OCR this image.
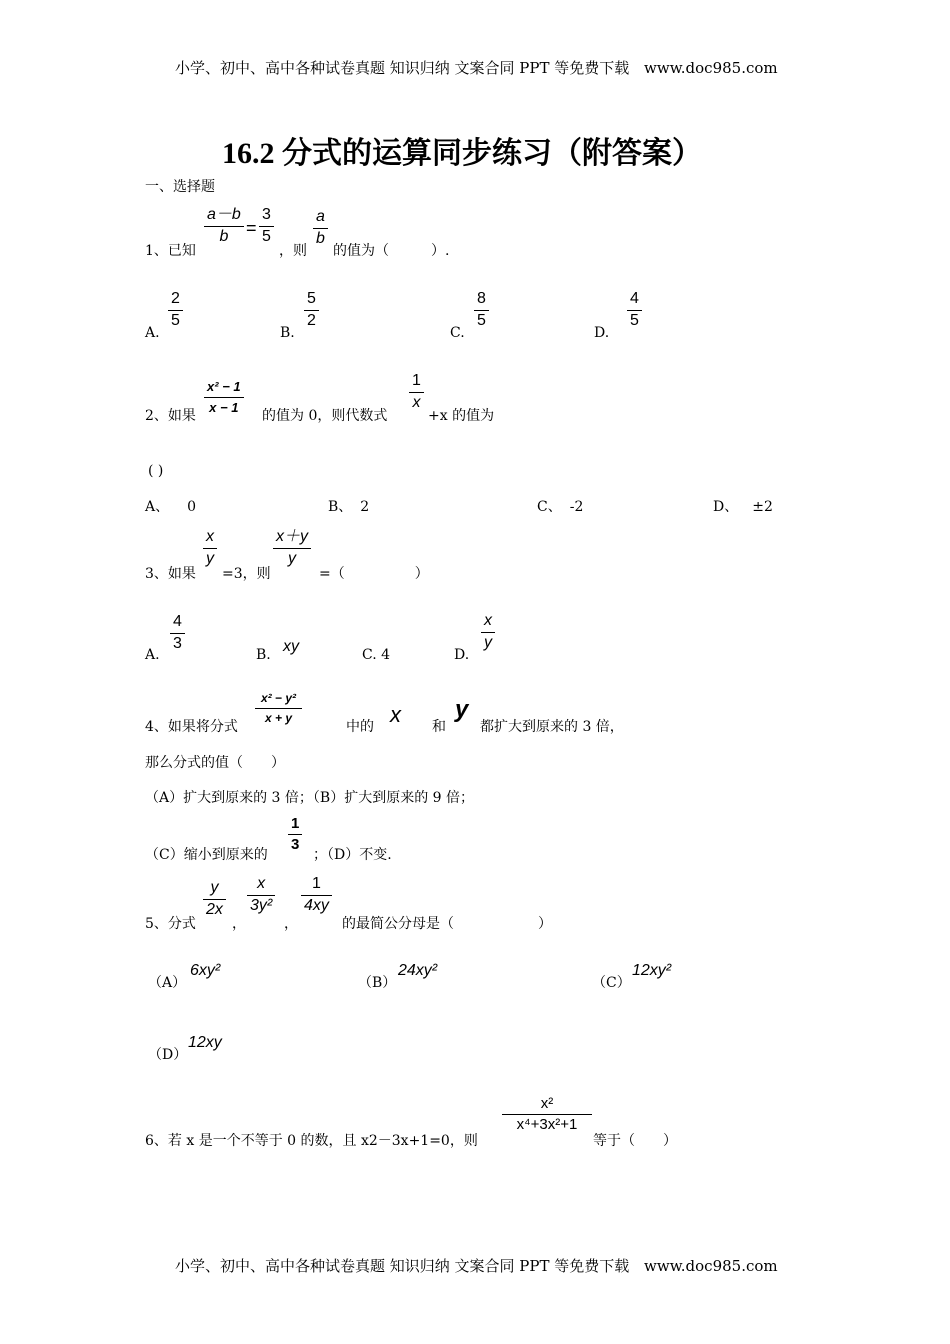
小学、初中、高中各种试卷真题 知识归纳 文案合同 PPT 等免费下载 www.doc985.com
小学、初中、高中各种试卷真题 知识归纳 文案合同 PPT 等免费下载 www.doc985.com
16.2 分式的运算同步练习（附答案）
一、选择题
1、已知
a－b
b =
3
5
，则
a
b
的值为（　　　）.
A.
2
5
B.
5
2
C.
8
5
D.
4
5
2、如果
x² − 1
x − 1
的值为 0，则代数式
1
x
+x 的值为
( )
A、 0	B、 2	C、 -2	D、 ±2
3、如果
x
y
=3，则
x＋y
y
=（　　　　　）
A.
4
3
B. xy	C. 4	D.
x
y
4、如果将分式
x² − y²
x + y
中的 x 和
y
都扩大到原来的 3 倍，
那么分式的值（　　）
（A）扩大到原来的 3 倍；（B）扩大到原来的 9 倍；
（C）缩小到原来的
1
3
；（D）不变.
5、分式
y
2x
，
x
3y²
，
1
4xy
的最简公分母是（　　　　　　）
（A）
6xy²
（B）
24xy²
（C）
12xy²
（D）
12xy
6、若 x 是一个不等于 0 的数，且 x2－3x+1=0，则
x²
x⁴+3x²+1
等于（　　）
